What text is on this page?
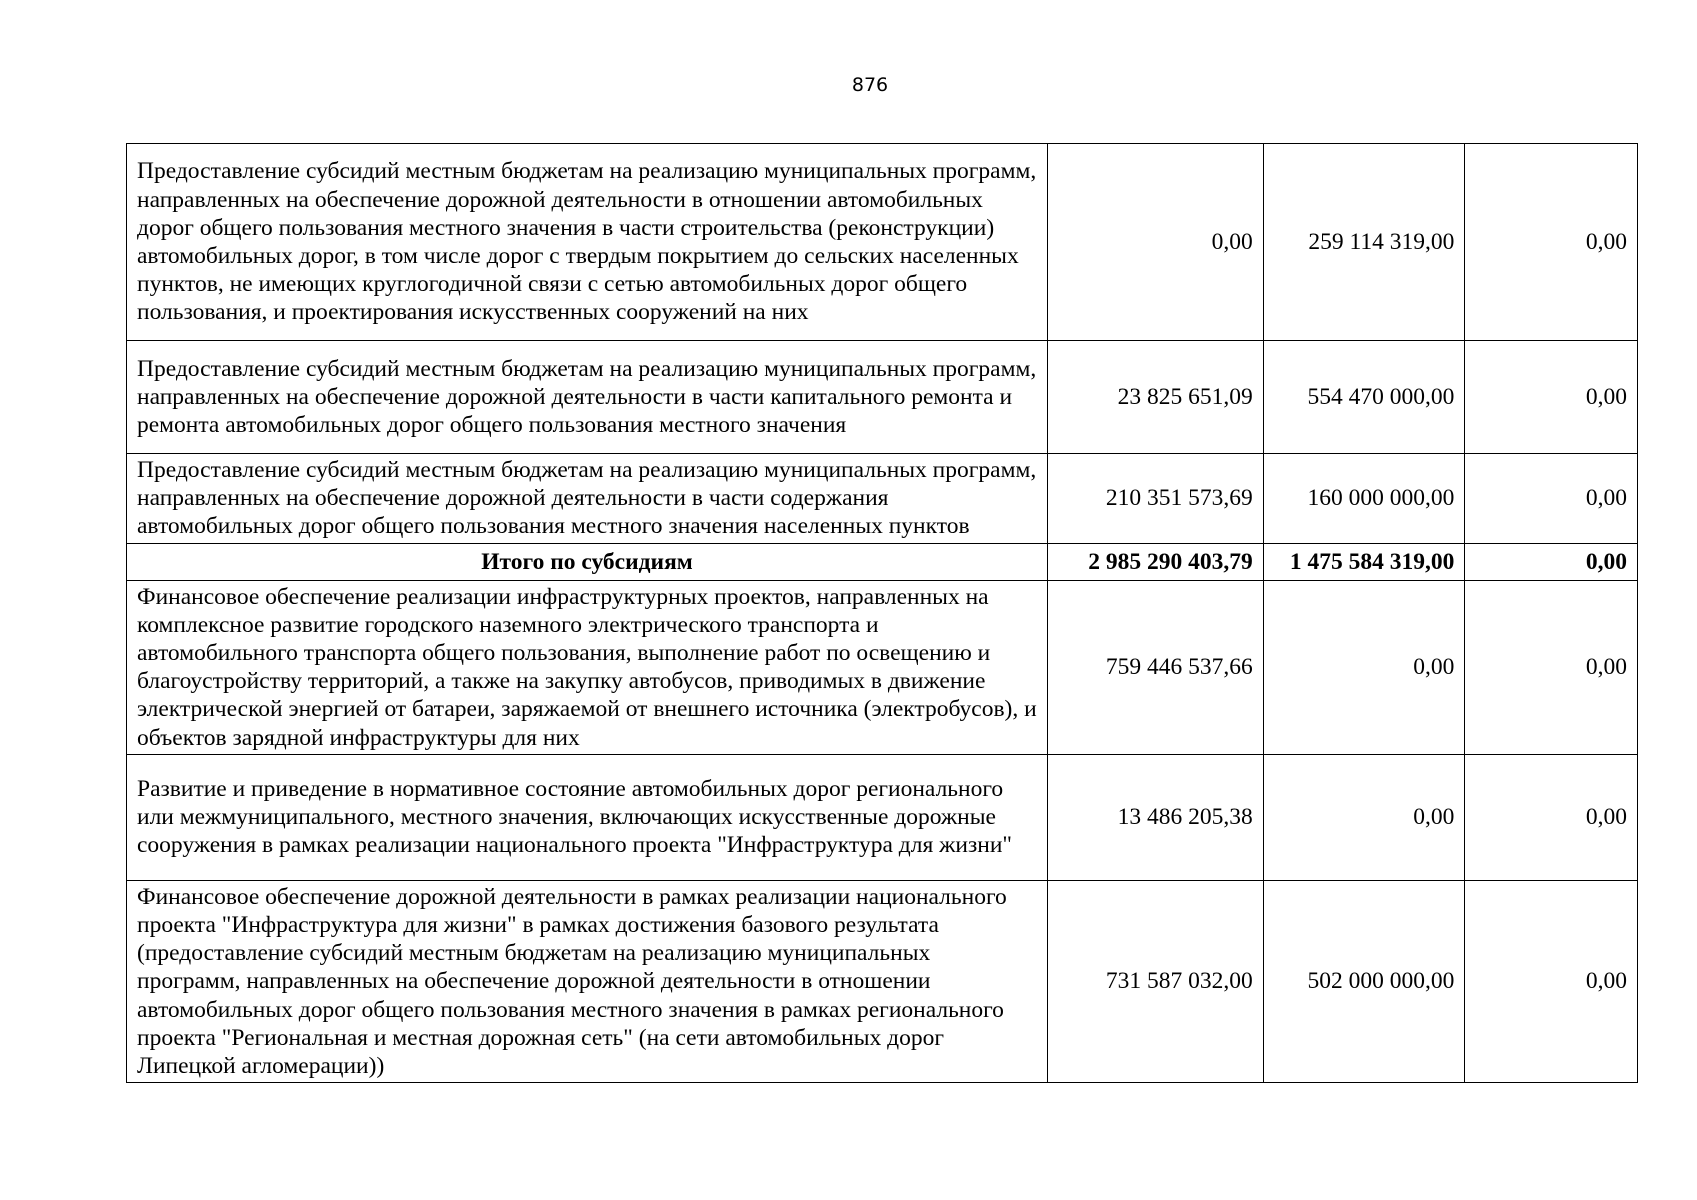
876
Предоставление субсидий местным бюджетам на реализацию муниципальных программ, направленных на обеспечение дорожной деятельности в отношении автомобильных дорог общего пользования местного значения в части строительства (реконструкции) автомобильных дорог, в том числе дорог с твердым покрытием до сельских населенных пунктов, не имеющих круглогодичной связи с сетью автомобильных дорог общего пользования, и проектирования искусственных сооружений на них	0,00	259 114 319,00	0,00
Предоставление субсидий местным бюджетам на реализацию муниципальных программ, направленных на обеспечение дорожной деятельности в части капитального ремонта и ремонта автомобильных дорог общего пользования местного значения	23 825 651,09	554 470 000,00	0,00
Предоставление субсидий местным бюджетам на реализацию муниципальных программ, направленных на обеспечение дорожной деятельности в части содержания автомобильных дорог общего пользования местного значения населенных пунктов	210 351 573,69	160 000 000,00	0,00
Итого по субсидиям	2 985 290 403,79	1 475 584 319,00	0,00
Финансовое обеспечение реализации инфраструктурных проектов, направленных на комплексное развитие городского наземного электрического транспорта и автомобильного транспорта общего пользования, выполнение работ по освещению и благоустройству территорий, а также на закупку автобусов, приводимых в движение электрической энергией от батареи, заряжаемой от внешнего источника (электробусов), и объектов зарядной инфраструктуры для них	759 446 537,66	0,00	0,00
Развитие и приведение в нормативное состояние автомобильных дорог регионального или межмуниципального, местного значения, включающих искусственные дорожные сооружения в рамках реализации национального проекта "Инфраструктура для жизни"	13 486 205,38	0,00	0,00
Финансовое обеспечение дорожной деятельности в рамках реализации национального проекта "Инфраструктура для жизни" в рамках достижения базового результата (предоставление субсидий местным бюджетам на реализацию муниципальных программ, направленных на обеспечение дорожной деятельности в отношении автомобильных дорог общего пользования местного значения в рамках регионального проекта "Региональная и местная дорожная сеть" (на сети автомобильных дорог Липецкой агломерации))	731 587 032,00	502 000 000,00	0,00
